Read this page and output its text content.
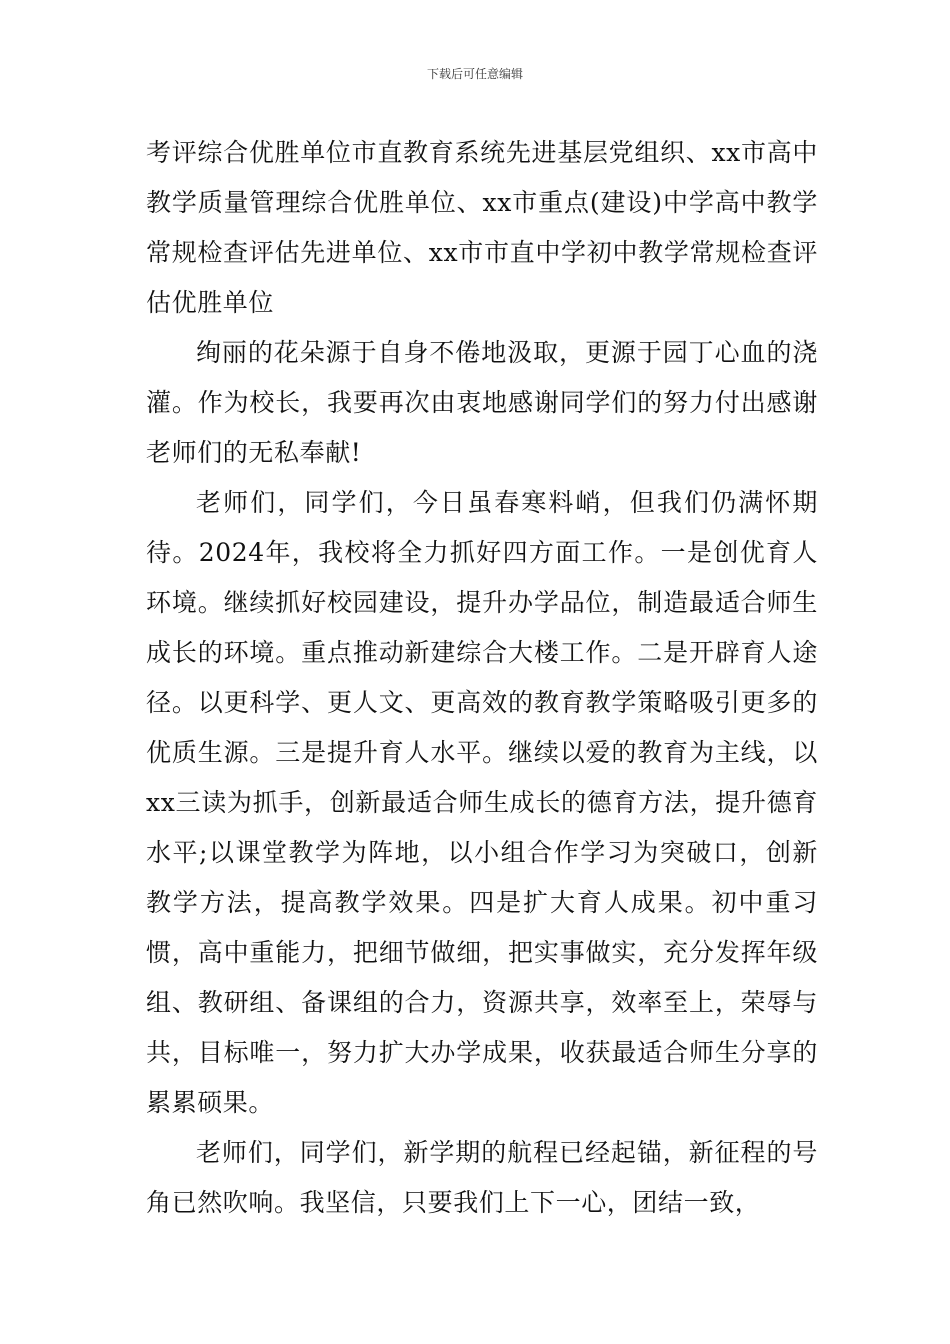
下载后可任意编辑

考评综合优胜单位市直教育系统先进基层党组织、xx市高中教学质量管理综合优胜单位、xx市重点(建设)中学高中教学常规检查评估先进单位、xx市市直中学初中教学常规检查评估优胜单位

绚丽的花朵源于自身不倦地汲取，更源于园丁心血的浇灌。作为校长，我要再次由衷地感谢同学们的努力付出感谢老师们的无私奉献!

老师们，同学们，今日虽春寒料峭，但我们仍满怀期待。2024年，我校将全力抓好四方面工作。一是创优育人环境。继续抓好校园建设，提升办学品位，制造最适合师生成长的环境。重点推动新建综合大楼工作。二是开辟育人途径。以更科学、更人文、更高效的教育教学策略吸引更多的优质生源。三是提升育人水平。继续以爱的教育为主线，以xx三读为抓手，创新最适合师生成长的德育方法，提升德育水平;以课堂教学为阵地，以小组合作学习为突破口，创新教学方法，提高教学效果。四是扩大育人成果。初中重习惯，高中重能力，把细节做细，把实事做实，充分发挥年级组、教研组、备课组的合力，资源共享，效率至上，荣辱与共，目标唯一，努力扩大办学成果，收获最适合师生分享的累累硕果。

老师们，同学们，新学期的航程已经起锚，新征程的号角已然吹响。我坚信，只要我们上下一心，团结一致，
